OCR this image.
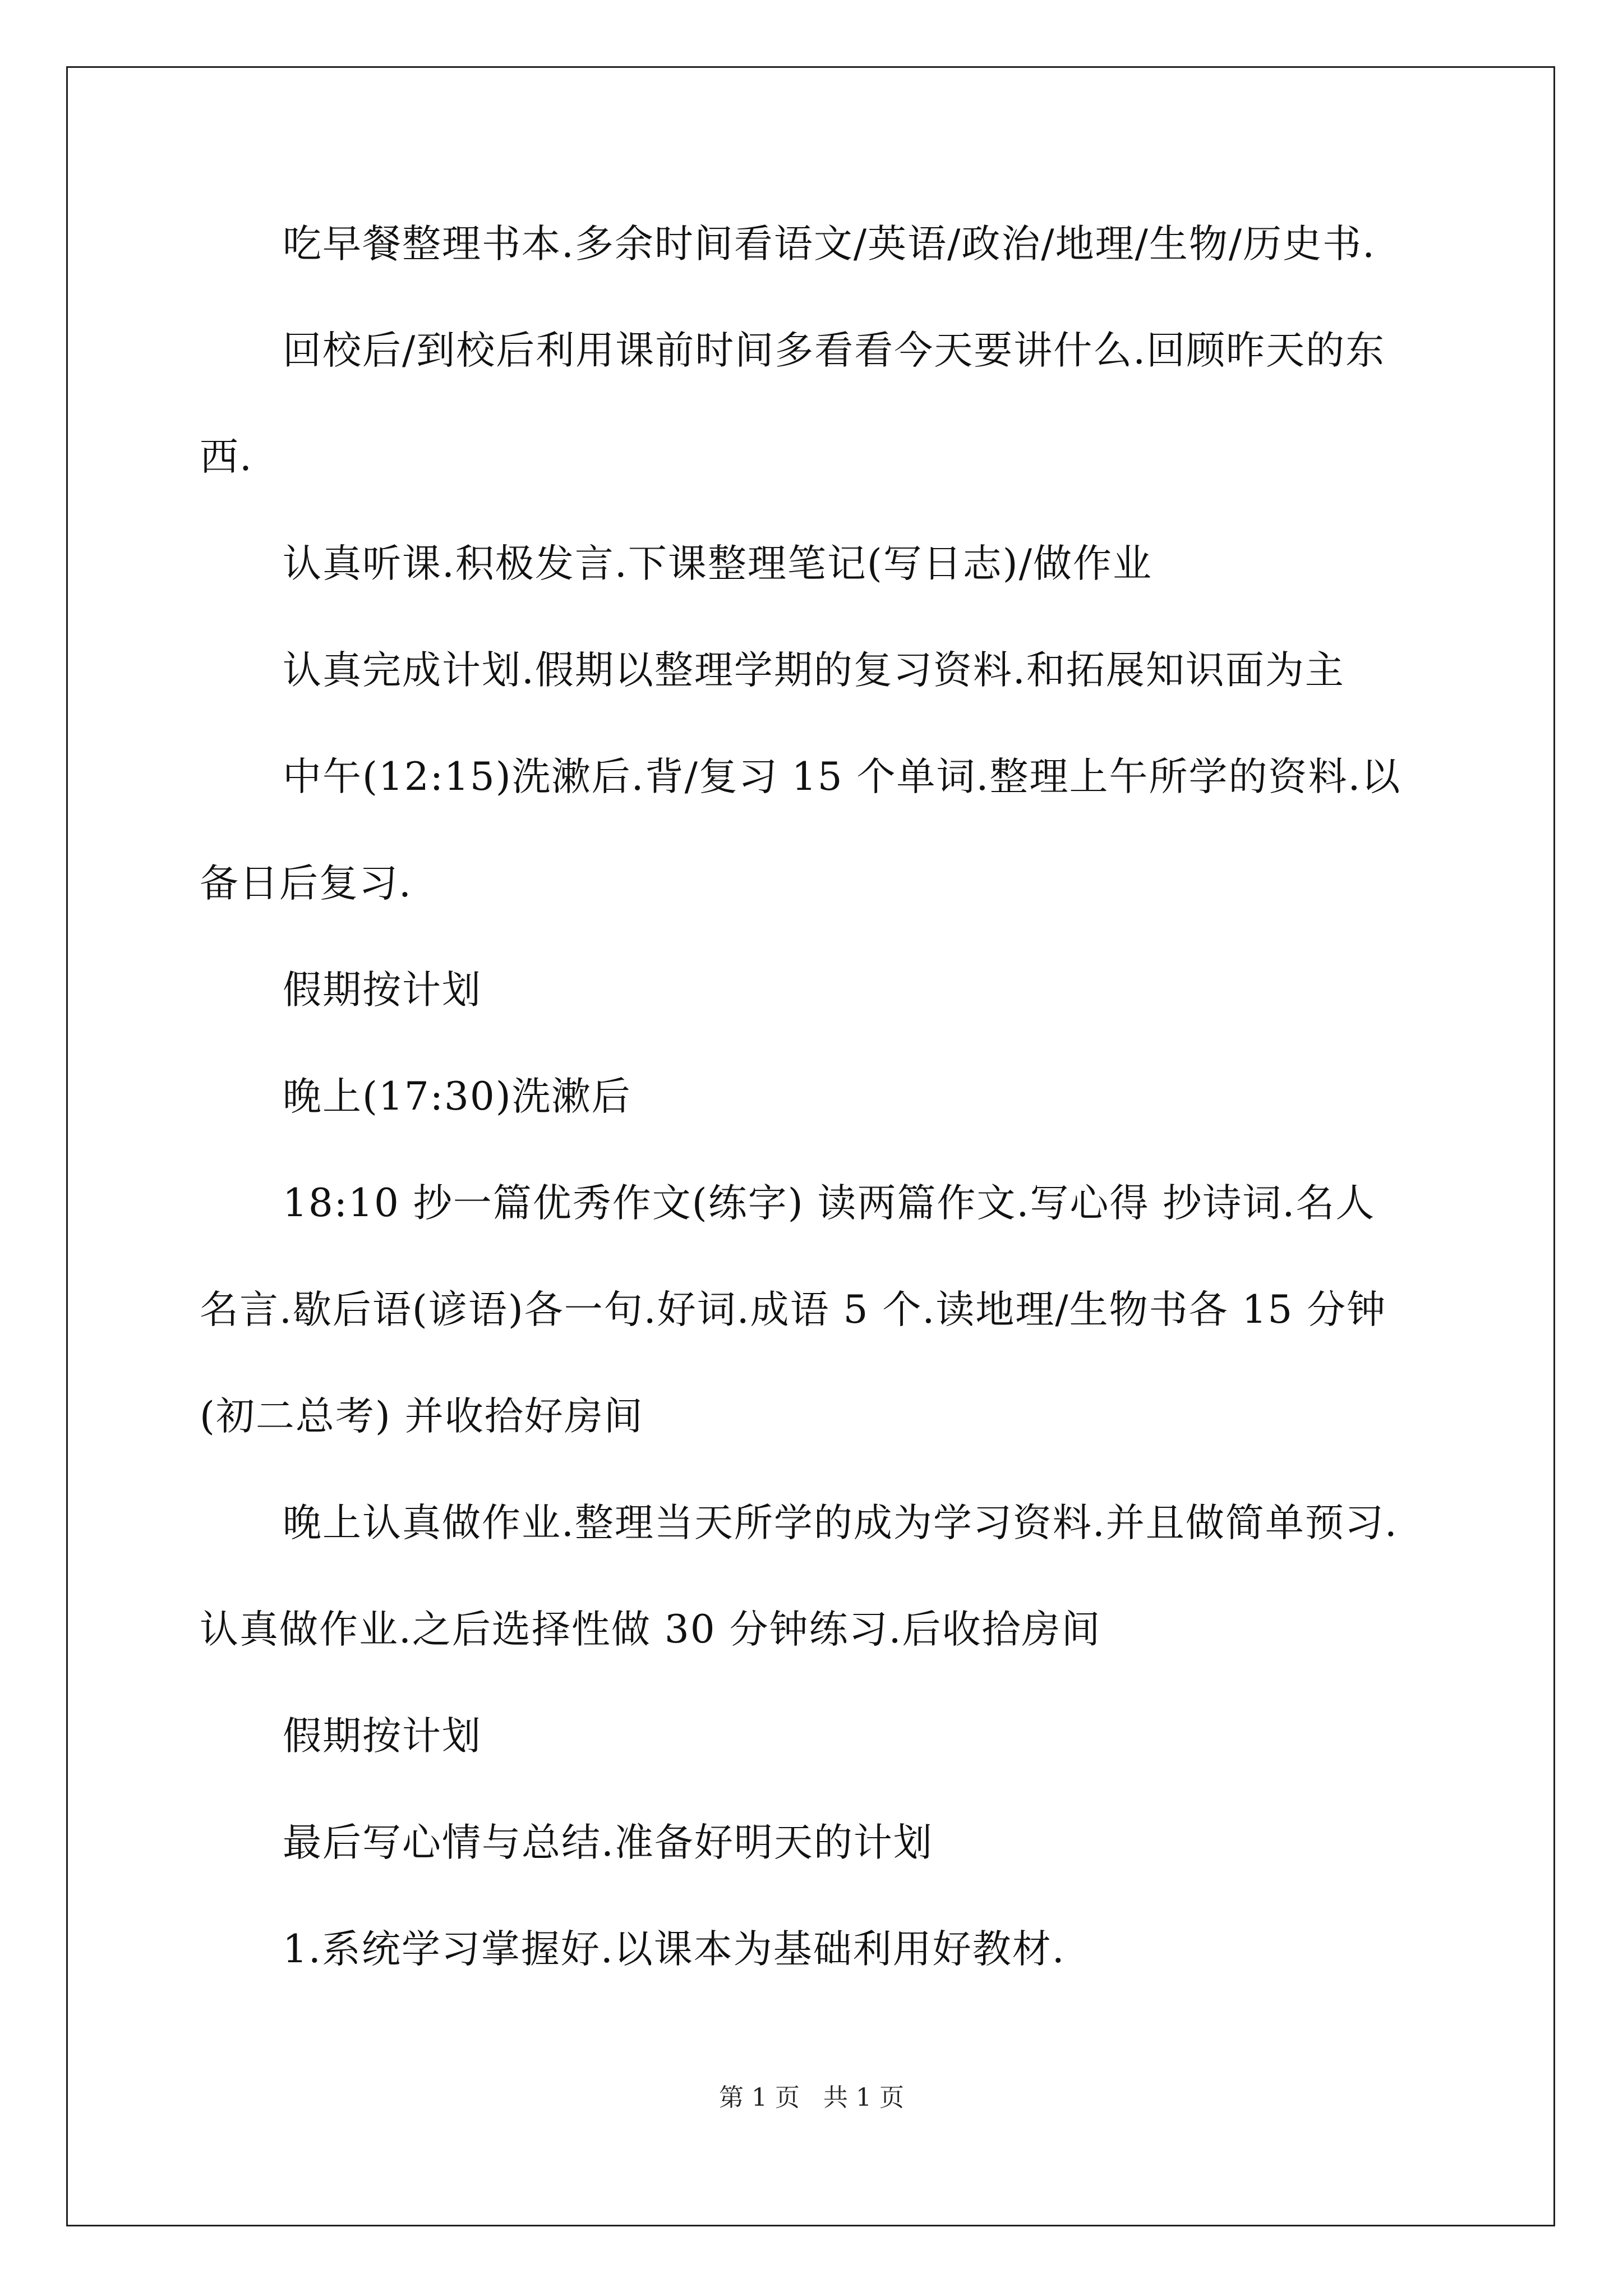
吃早餐整理书本.多余时间看语文/英语/政治/地理/生物/历史书.
回校后/到校后利用课前时间多看看今天要讲什么.回顾昨天的东
西.
认真听课.积极发言.下课整理笔记(写日志)/做作业
认真完成计划.假期以整理学期的复习资料.和拓展知识面为主
中午(12:15)洗漱后.背/复习 15 个单词.整理上午所学的资料.以
备日后复习.
假期按计划
晚上(17:30)洗漱后
18:10 抄一篇优秀作文(练字) 读两篇作文.写心得 抄诗词.名人
名言.歇后语(谚语)各一句.好词.成语 5 个.读地理/生物书各 15 分钟
(初二总考) 并收拾好房间
晚上认真做作业.整理当天所学的成为学习资料.并且做简单预习.
认真做作业.之后选择性做 30 分钟练习.后收拾房间
假期按计划
最后写心情与总结.准备好明天的计划
1.系统学习掌握好.以课本为基础利用好教材.
第 1 页   共 1 页
